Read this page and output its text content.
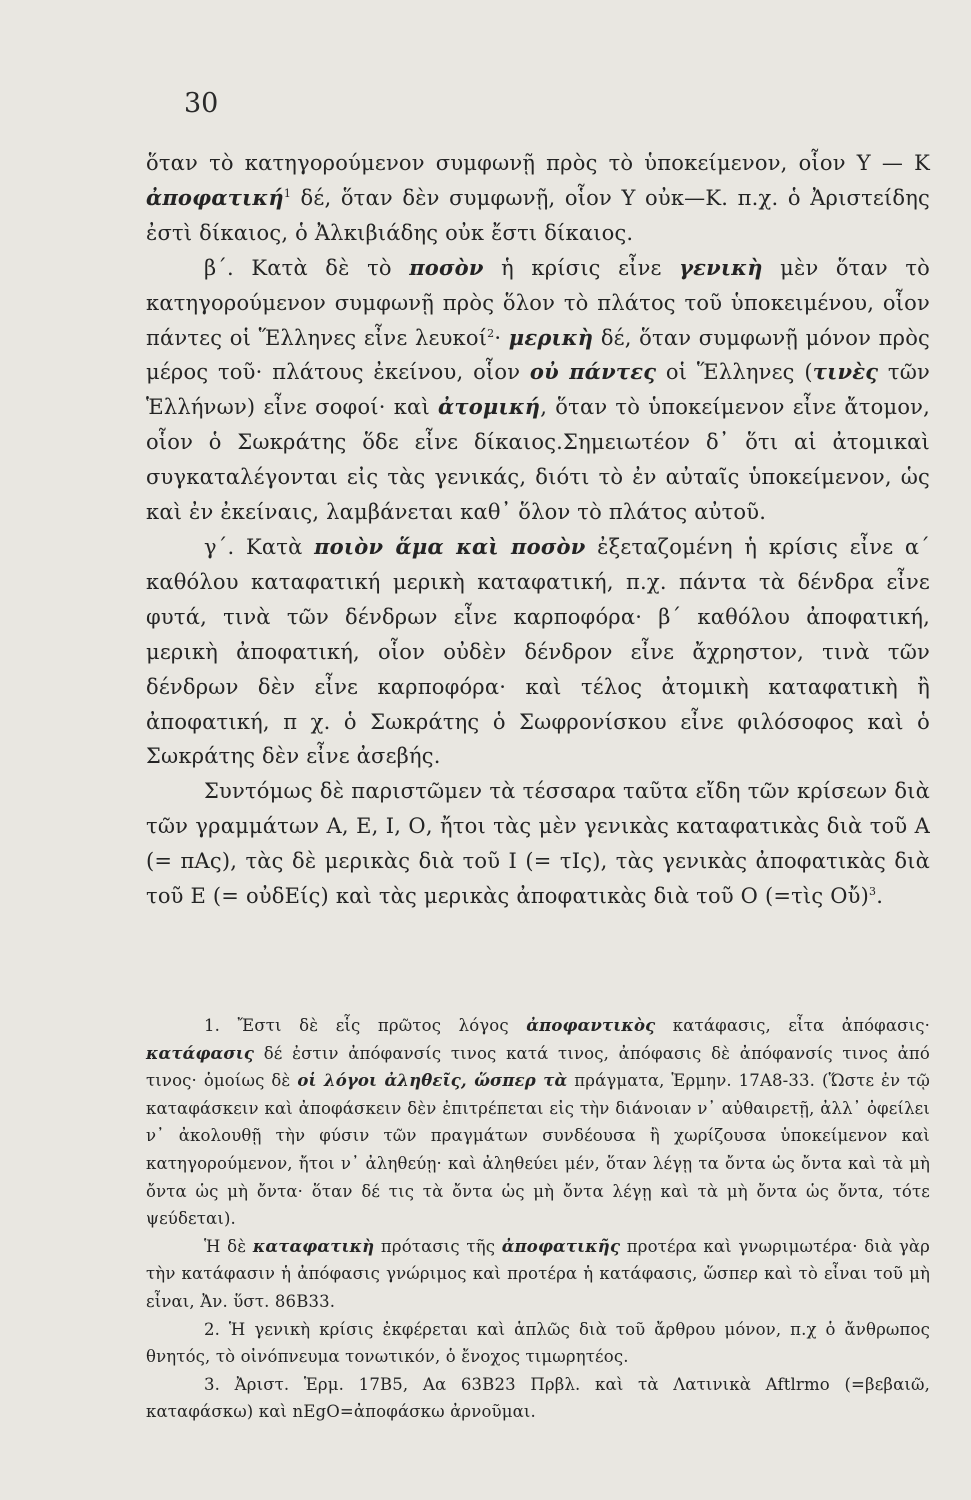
30

ὅταν τὸ κατηγορούμενον συμφωνῇ πρὸς τὸ ὑποκείμενον, οἷον Υ — Κ ἀποφατική$^1$ δέ, ὅταν δὲν συμφωνῇ, οἷον Υ οὐκ—Κ. π.χ. ὁ Ἀριστείδης ἐστὶ δίκαιος, ὁ Ἀλκιβιάδης οὐκ ἔστι δίκαιος.

β΄. Κατὰ δὲ τὸ ποσὸν ἡ κρίσις εἶνε γενικὴ μὲν ὅταν τὸ κατηγορούμενον συμφωνῇ πρὸς ὅλον τὸ πλάτος τοῦ ὑποκειμένου, οἷον πάντες οἱ Ἕλληνες εἶνε λευκοί$^2$· μερικὴ δέ, ὅταν συμφωνῇ μόνον πρὸς μέρος τοῦ· πλάτους ἐκείνου, οἷον οὐ πάντες οἱ Ἕλληνες (τινὲς τῶν Ἑλλήνων) εἶνε σοφοί· καὶ ἀτομική, ὅταν τὸ ὑποκείμενον εἶνε ἄτομον, οἷον ὁ Σωκράτης ὅδε εἶνε δίκαιος.Σημειωτέον δ᾽ ὅτι αἱ ἀτομικαὶ συγκαταλέγονται εἰς τὰς γενικάς, διότι τὸ ἐν αὐταῖς ὑποκείμενον, ὡς καὶ ἐν ἐκείναις, λαμβάνεται καθ᾽ ὅλον τὸ πλάτος αὐτοῦ.

γ΄. Κατὰ ποιὸν ἅμα καὶ ποσὸν ἐξεταζομένη ἡ κρίσις εἶνε α΄ καθόλου καταφατική μερικὴ καταφατική, π.χ. πάντα τὰ δένδρα εἶνε φυτά, τινὰ τῶν δένδρων εἶνε καρποφόρα· β΄ καθόλου ἀποφατική, μερικὴ ἀποφατική, οἷον οὐδὲν δένδρον εἶνε ἄχρηστον, τινὰ τῶν δένδρων δὲν εἶνε καρποφόρα· καὶ τέλος ἀτομικὴ καταφατικὴ ἢ ἀποφατική, π χ. ὁ Σωκράτης ὁ Σωφρονίσκου εἶνε φιλόσοφος καὶ ὁ Σωκράτης δὲν εἶνε ἀσεβής.

Συντόμως δὲ παριστῶμεν τὰ τέσσαρα ταῦτα εἴδη τῶν κρίσεων διὰ τῶν γραμμάτων Α, Ε, Ι, Ο, ἤτοι τὰς μὲν γενικὰς καταφατικὰς διὰ τοῦ Α (= πΑς), τὰς δὲ μερικὰς διὰ τοῦ Ι (= τΙς), τὰς γενικὰς ἀποφατικὰς διὰ τοῦ Ε (= οὐδΕίς) καὶ τὰς μερικὰς ἀποφατικὰς διὰ τοῦ Ο (=τὶς Οὔ)$^3$.

1. Ἔστι δὲ εἷς πρῶτος λόγος ἀποφαντικὸς κατάφασις, εἶτα ἀπόφασις· κατάφασις δέ ἐστιν ἀπόφανσίς τινος κατά τινος, ἀπόφασις δὲ ἀπόφανσίς τινος ἀπό τινος· ὁμοίως δὲ οἱ λόγοι ἀληθεῖς, ὥσπερ τὰ πράγματα, Ἑρμην. 17Α8-33. (Ὥστε ἐν τῷ καταφάσκειν καὶ ἀποφάσκειν δὲν ἐπιτρέπεται εἰς τὴν διάνοιαν ν᾽ αὐθαιρετῇ, ἀλλ᾽ ὀφείλει ν᾽ ἀκολουθῇ τὴν φύσιν τῶν πραγμάτων συνδέουσα ἢ χωρίζουσα ὑποκείμενον καὶ κατηγορούμενον, ἤτοι ν᾽ ἀληθεύῃ· καὶ ἀληθεύει μέν, ὅταν λέγῃ τα ὄντα ὡς ὄντα καὶ τὰ μὴ ὄντα ὡς μὴ ὄντα· ὅταν δέ τις τὰ ὄντα ὡς μὴ ὄντα λέγῃ καὶ τὰ μὴ ὄντα ὡς ὄντα, τότε ψεύδεται).

Ἡ δὲ καταφατικὴ πρότασις τῆς ἀποφατικῆς προτέρα καὶ γνωριμωτέρα· διὰ γὰρ τὴν κατάφασιν ἡ ἀπόφασις γνώριμος καὶ προτέρα ἡ κατάφασις, ὥσπερ καὶ τὸ εἶναι τοῦ μὴ εἶναι, Ἀν. ὕστ. 86Β33.

2. Ἡ γενικὴ κρίσις ἐκφέρεται καὶ ἁπλῶς διὰ τοῦ ἄρθρου μόνον, π.χ ὁ ἄνθρωπος θνητός, τὸ οἰνόπνευμα τονωτικόν, ὁ ἔνοχος τιμωρητέος.

3. Ἀριστ. Ἑρμ. 17Β5, Αα 63Β23 Πρβλ. καὶ τὰ Λατινικὰ Aftlrmo (=βεβαιῶ, καταφάσκω) καὶ nEgO=ἀποφάσκω ἀρνοῦμαι.
